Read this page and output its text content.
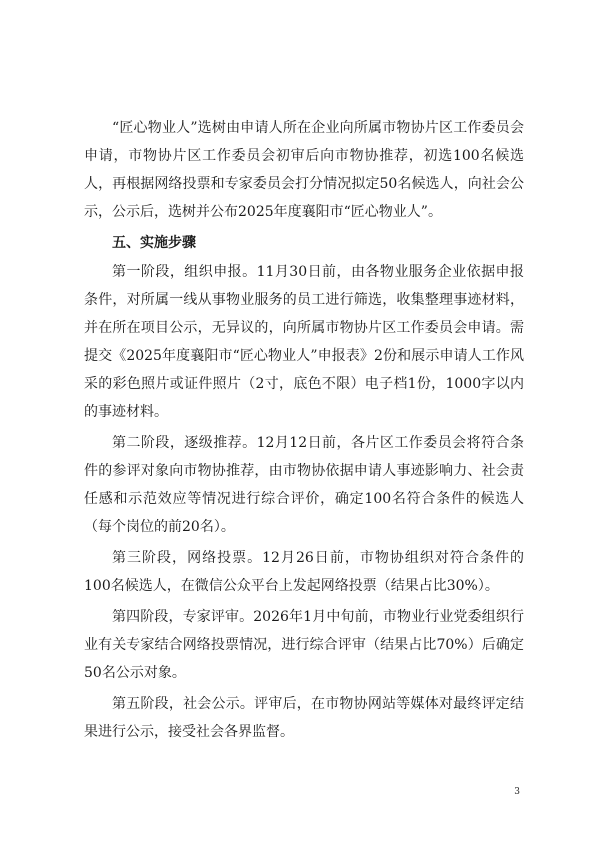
“匠心物业人”选树由申请人所在企业向所属市物协片区工作委员会申请，市物协片区工作委员会初审后向市物协推荐，初选100名候选人，再根据网络投票和专家委员会打分情况拟定50名候选人，向社会公示，公示后，选树并公布2025年度襄阳市“匠心物业人”。

五、实施步骤

第一阶段，组织申报。11月30日前，由各物业服务企业依据申报条件，对所属一线从事物业服务的员工进行筛选，收集整理事迹材料，并在所在项目公示，无异议的，向所属市物协片区工作委员会申请。需提交《2025年度襄阳市“匠心物业人”申报表》2份和展示申请人工作风采的彩色照片或证件照片（2寸，底色不限）电子档1份，1000字以内的事迹材料。

第二阶段，逐级推荐。12月12日前，各片区工作委员会将符合条件的参评对象向市物协推荐，由市物协依据申请人事迹影响力、社会责任感和示范效应等情况进行综合评价，确定100名符合条件的候选人（每个岗位的前20名）。

第三阶段，网络投票。12月26日前，市物协组织对符合条件的100名候选人，在微信公众平台上发起网络投票（结果占比30%）。

第四阶段，专家评审。2026年1月中旬前，市物业行业党委组织行业有关专家结合网络投票情况，进行综合评审（结果占比70%）后确定50名公示对象。

第五阶段，社会公示。评审后，在市物协网站等媒体对最终评定结果进行公示，接受社会各界监督。

3
